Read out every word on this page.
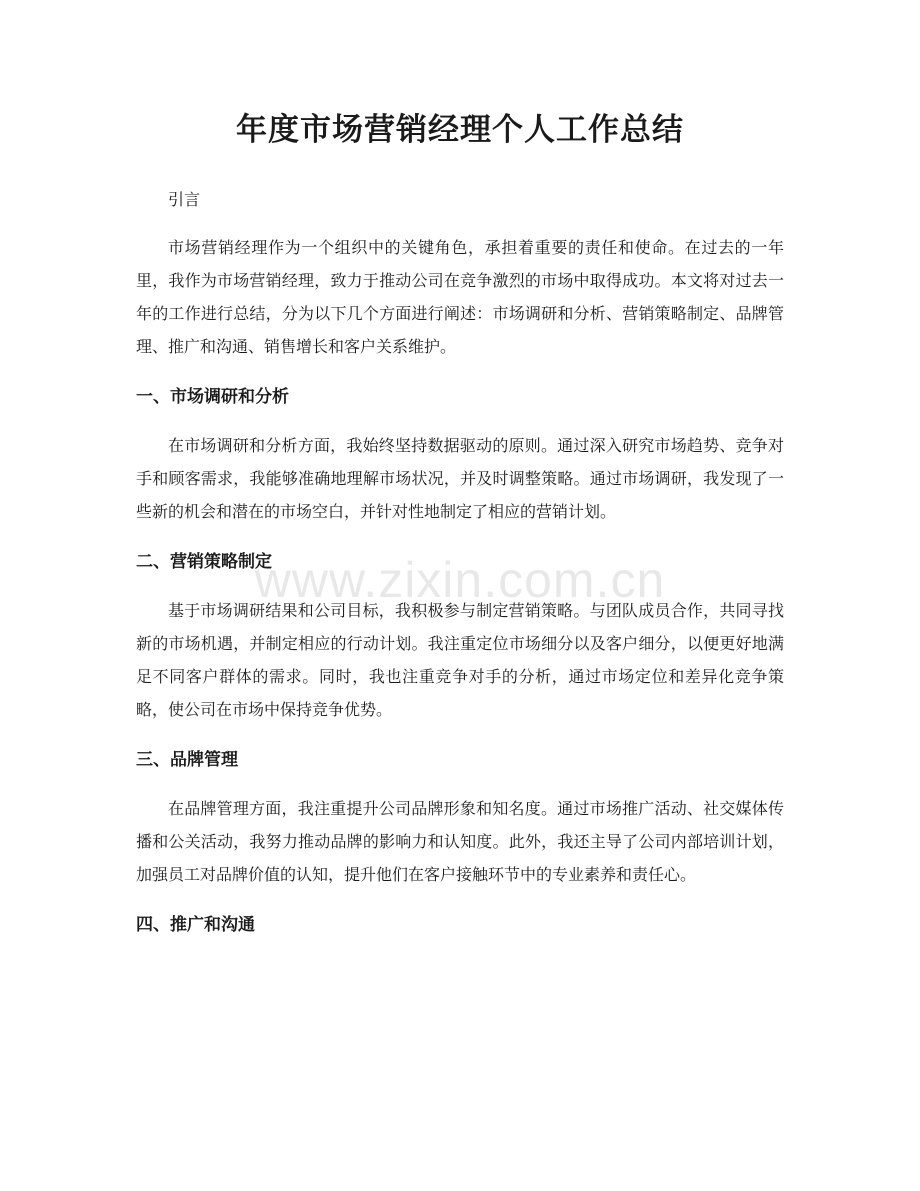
年度市场营销经理个人工作总结
引言

市场营销经理作为一个组织中的关键角色，承担着重要的责任和使命。在过去的一年里，我作为市场营销经理，致力于推动公司在竞争激烈的市场中取得成功。本文将对过去一年的工作进行总结，分为以下几个方面进行阐述：市场调研和分析、营销策略制定、品牌管理、推广和沟通、销售增长和客户关系维护。

一、市场调研和分析

在市场调研和分析方面，我始终坚持数据驱动的原则。通过深入研究市场趋势、竞争对手和顾客需求，我能够准确地理解市场状况，并及时调整策略。通过市场调研，我发现了一些新的机会和潜在的市场空白，并针对性地制定了相应的营销计划。

二、营销策略制定

基于市场调研结果和公司目标，我积极参与制定营销策略。与团队成员合作，共同寻找新的市场机遇，并制定相应的行动计划。我注重定位市场细分以及客户细分，以便更好地满足不同客户群体的需求。同时，我也注重竞争对手的分析，通过市场定位和差异化竞争策略，使公司在市场中保持竞争优势。

三、品牌管理

在品牌管理方面，我注重提升公司品牌形象和知名度。通过市场推广活动、社交媒体传播和公关活动，我努力推动品牌的影响力和认知度。此外，我还主导了公司内部培训计划，加强员工对品牌价值的认知，提升他们在客户接触环节中的专业素养和责任心。

四、推广和沟通
www.zixin.com.cn
